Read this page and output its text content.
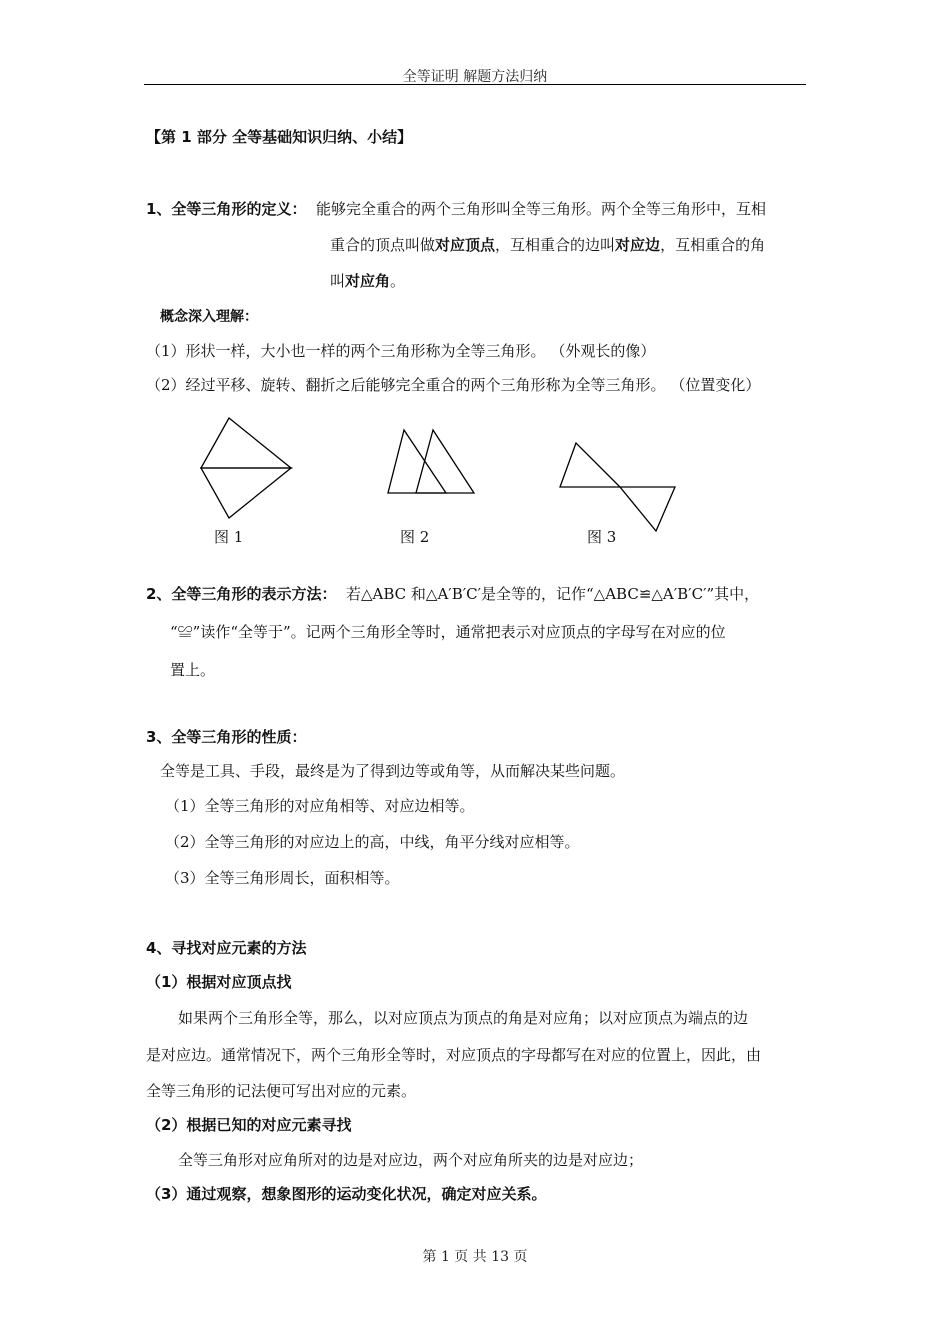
全等证明 解题方法归纳
【第 1 部分 全等基础知识归纳、小结】
1、全等三角形的定义： 能够完全重合的两个三角形叫全等三角形。两个全等三角形中，互相
重合的顶点叫做对应顶点，互相重合的边叫对应边，互相重合的角
叫对应角。
概念深入理解：
（1）形状一样，大小也一样的两个三角形称为全等三角形。 （外观长的像）
（2）经过平移、旋转、翻折之后能够完全重合的两个三角形称为全等三角形。 （位置变化）
图 1	图 2	图 3
2、全等三角形的表示方法： 若△ABC 和△A′B′C′是全等的，记作“△ABC≌△A′B′C′”其中，
“≌”读作“全等于”。记两个三角形全等时，通常把表示对应顶点的字母写在对应的位
置上。
3、全等三角形的性质：
全等是工具、手段，最终是为了得到边等或角等，从而解决某些问题。
（1）全等三角形的对应角相等、对应边相等。
（2）全等三角形的对应边上的高，中线，角平分线对应相等。
（3）全等三角形周长，面积相等。
4、寻找对应元素的方法
（1）根据对应顶点找
如果两个三角形全等，那么，以对应顶点为顶点的角是对应角；以对应顶点为端点的边
是对应边。通常情况下，两个三角形全等时，对应顶点的字母都写在对应的位置上，因此，由
全等三角形的记法便可写出对应的元素。
（2）根据已知的对应元素寻找
全等三角形对应角所对的边是对应边，两个对应角所夹的边是对应边；
（3）通过观察，想象图形的运动变化状况，确定对应关系。
第 1 页 共 13 页
